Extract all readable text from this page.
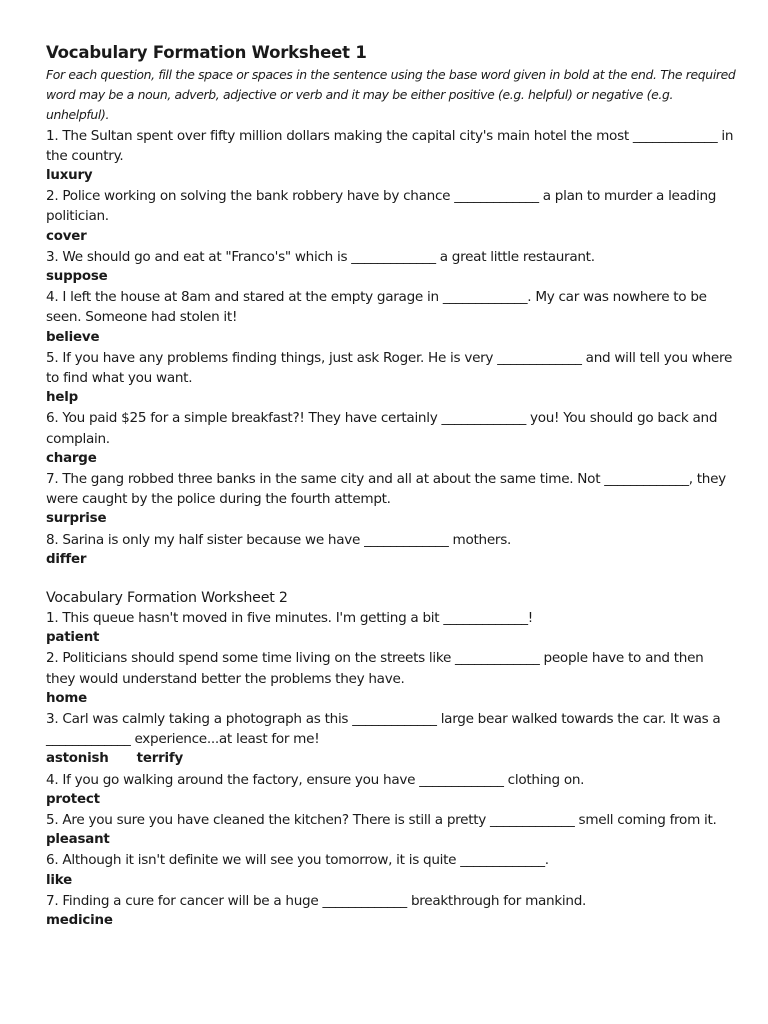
Vocabulary Formation Worksheet 1
For each question, fill the space or spaces in the sentence using the base word given in bold at the end. The required word may be a noun, adverb, adjective or verb and it may be either positive (e.g. helpful) or negative (e.g. unhelpful).
1. The Sultan spent over fifty million dollars making the capital city's main hotel the most _____________ in the country.
luxury
2. Police working on solving the bank robbery have by chance _____________ a plan to murder a leading politician.
cover
3. We should go and eat at "Franco's" which is _____________ a great little restaurant.
suppose
4. I left the house at 8am and stared at the empty garage in _____________. My car was nowhere to be seen. Someone had stolen it!
believe
5. If you have any problems finding things, just ask Roger. He is very _____________ and will tell you where to find what you want.
help
6. You paid $25 for a simple breakfast?! They have certainly _____________ you! You should go back and complain.
charge
7. The gang robbed three banks in the same city and all at about the same time. Not _____________, they were caught by the police during the fourth attempt.
surprise
8. Sarina is only my half sister because we have _____________ mothers.
differ
Vocabulary Formation Worksheet 2
1. This queue hasn't moved in five minutes. I'm getting a bit _____________!
patient
2. Politicians should spend some time living on the streets like _____________ people have to and then they would understand better the problems they have.
home
3. Carl was calmly taking a photograph as this _____________ large bear walked towards the car. It was a _____________ experience...at least for me!
astonish terrify
4. If you go walking around the factory, ensure you have _____________ clothing on.
protect
5. Are you sure you have cleaned the kitchen? There is still a pretty _____________ smell coming from it.
pleasant
6. Although it isn't definite we will see you tomorrow, it is quite _____________.
like
7. Finding a cure for cancer will be a huge _____________ breakthrough for mankind.
medicine
